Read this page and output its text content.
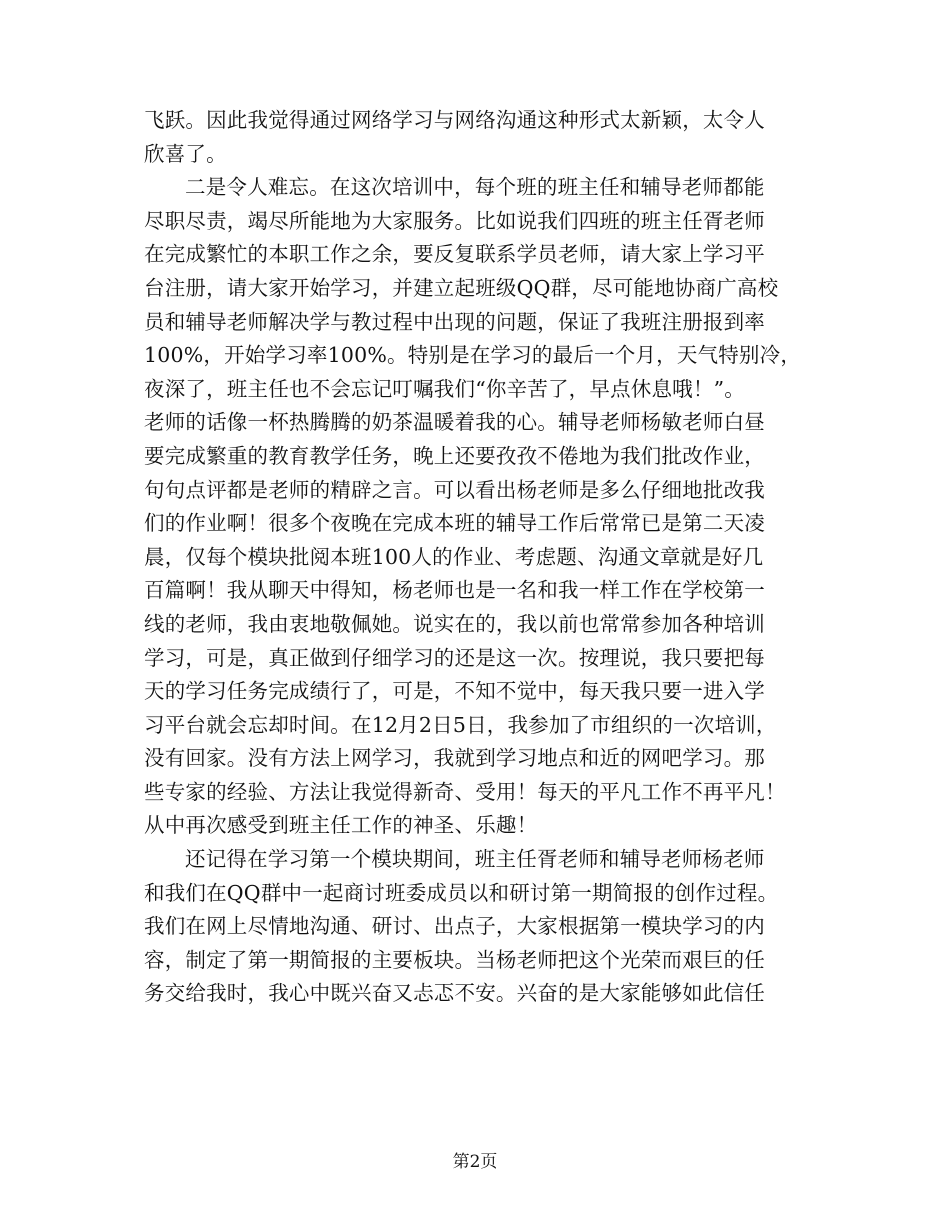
飞跃。因此我觉得通过网络学习与网络沟通这种形式太新颖，太令人
欣喜了。
二是令人难忘。在这次培训中，每个班的班主任和辅导老师都能
尽职尽责，竭尽所能地为大家服务。比如说我们四班的班主任胥老师
在完成繁忙的本职工作之余，要反复联系学员老师，请大家上学习平
台注册，请大家开始学习，并建立起班级QQ群，尽可能地协商广高校
员和辅导老师解决学与教过程中出现的问题，保证了我班注册报到率
100%，开始学习率100%。特别是在学习的最后一个月，天气特别冷，
夜深了，班主任也不会忘记叮嘱我们“你辛苦了，早点休息哦！”。
老师的话像一杯热腾腾的奶茶温暖着我的心。辅导老师杨敏老师白昼
要完成繁重的教育教学任务，晚上还要孜孜不倦地为我们批改作业，
句句点评都是老师的精辟之言。可以看出杨老师是多么仔细地批改我
们的作业啊！很多个夜晚在完成本班的辅导工作后常常已是第二天凌
晨，仅每个模块批阅本班100人的作业、考虑题、沟通文章就是好几
百篇啊！我从聊天中得知，杨老师也是一名和我一样工作在学校第一
线的老师，我由衷地敬佩她。说实在的，我以前也常常参加各种培训
学习，可是，真正做到仔细学习的还是这一次。按理说，我只要把每
天的学习任务完成绩行了，可是，不知不觉中，每天我只要一进入学
习平台就会忘却时间。在12月2日5日，我参加了市组织的一次培训，
没有回家。没有方法上网学习，我就到学习地点和近的网吧学习。那
些专家的经验、方法让我觉得新奇、受用！每天的平凡工作不再平凡！
从中再次感受到班主任工作的神圣、乐趣！
还记得在学习第一个模块期间，班主任胥老师和辅导老师杨老师
和我们在QQ群中一起商讨班委成员以和研讨第一期简报的创作过程。
我们在网上尽情地沟通、研讨、出点子，大家根据第一模块学习的内
容，制定了第一期简报的主要板块。当杨老师把这个光荣而艰巨的任
务交给我时，我心中既兴奋又忐忑不安。兴奋的是大家能够如此信任
第2页
